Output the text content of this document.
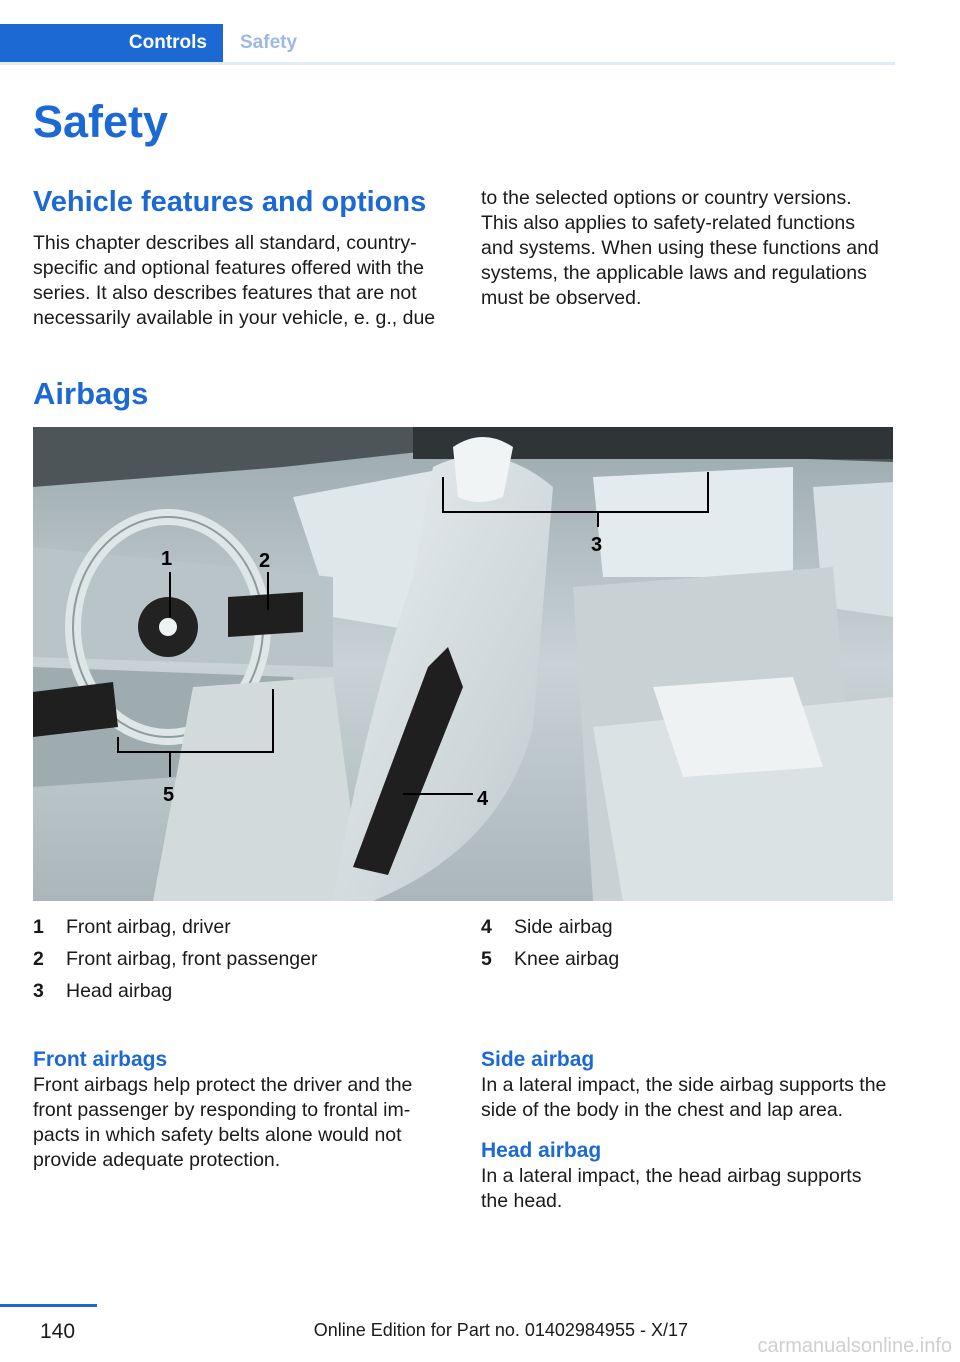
Controls	Safety
Safety
Vehicle features and options

This chapter describes all standard, country-specific and optional features offered with the series. It also describes features that are not necessarily available in your vehicle, e. g., due

to the selected options or country versions. This also applies to safety-related functions and systems. When using these functions and systems, the applicable laws and regulations must be observed.

Airbags
1	2
3
4
5
1 Front airbag, driver
2 Front airbag, front passenger
3 Head airbag
4 Side airbag
5 Knee airbag
Front airbags

Front airbags help protect the driver and the front passenger by responding to frontal impacts in which safety belts alone would not provide adequate protection.

Side airbag

In a lateral impact, the side airbag supports the side of the body in the chest and lap area.

Head airbag

In a lateral impact, the head airbag supports the head.

140	Online Edition for Part no. 01402984955 - X/17
carmanualsonline.info
